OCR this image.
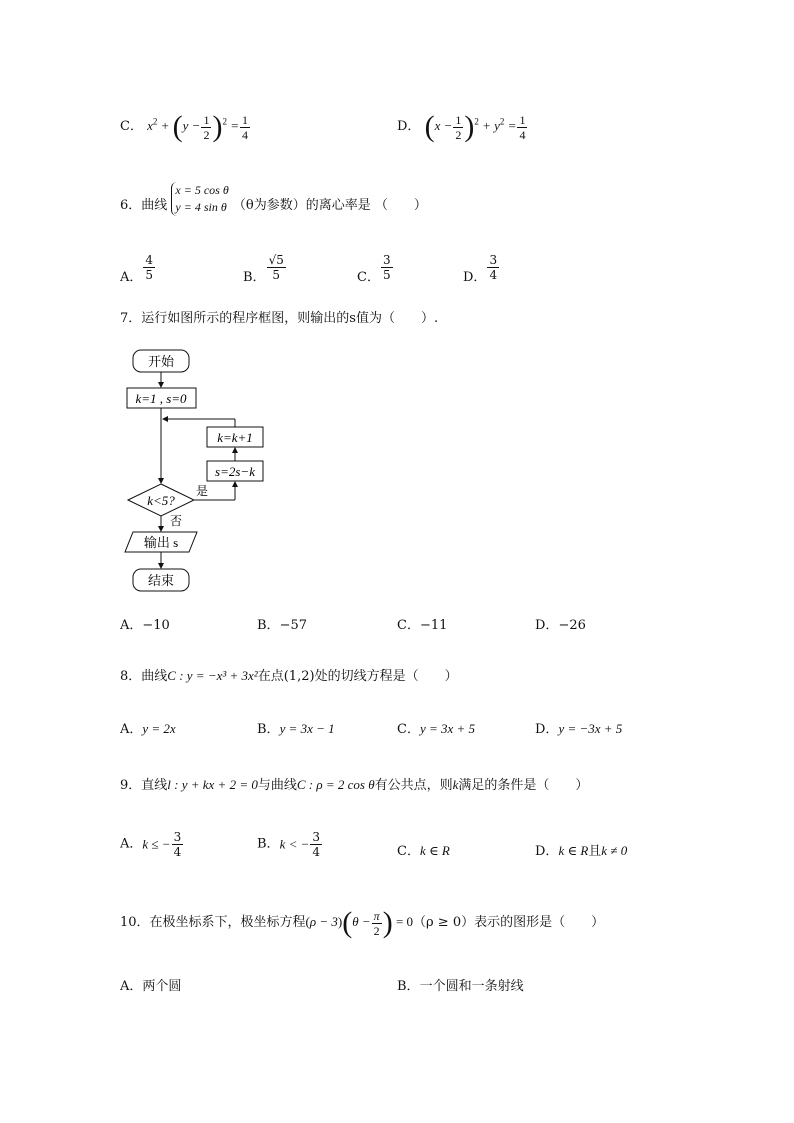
C． $x^2 + (y - \frac{1}{2} )^2 = \frac{1}{4}$	D． $(x - \frac{1}{2} )^2 + y^2 = \frac{1}{4}$
6．曲线
x = 5 cos θ
y = 4 sin θ （θ为参数）的离心率是 （　　）
A． $\frac{4}{5}$	B． $\frac{√5}{5}$	C． $\frac{3}{5}$	D． $\frac{3}{4}$
7．运行如图所示的程序框图，则输出的s值为（　　）.
开始
k=1 , s=0
k=k+1
s=2s−k
k<5?
是
否
输出 s
结束
A．−10	B．−57	C．−11	D．−26
8．曲线C : y = −x³ + 3x²在点(1,2)处的切线方程是（　　）
A．y = 2x	B．y = 3x − 1	C．y = 3x + 5	D．y = −3x + 5
9．直线l : y + kx + 2 = 0与曲线C : ρ = 2 cos θ有公共点，则k满足的条件是（　　）
A．k ≤ − $\frac{3}{4}$	B．k < − $\frac{3}{4}$	C．k ∈ R	D．k ∈ R且k ≠ 0
10．在极坐标系下，极坐标方程$(\rho - 3)(\theta - \frac{\pi}{2}$ ) = 0（ρ ≥ 0）表示的图形是（　　）
A．两个圆	B．一个圆和一条射线
